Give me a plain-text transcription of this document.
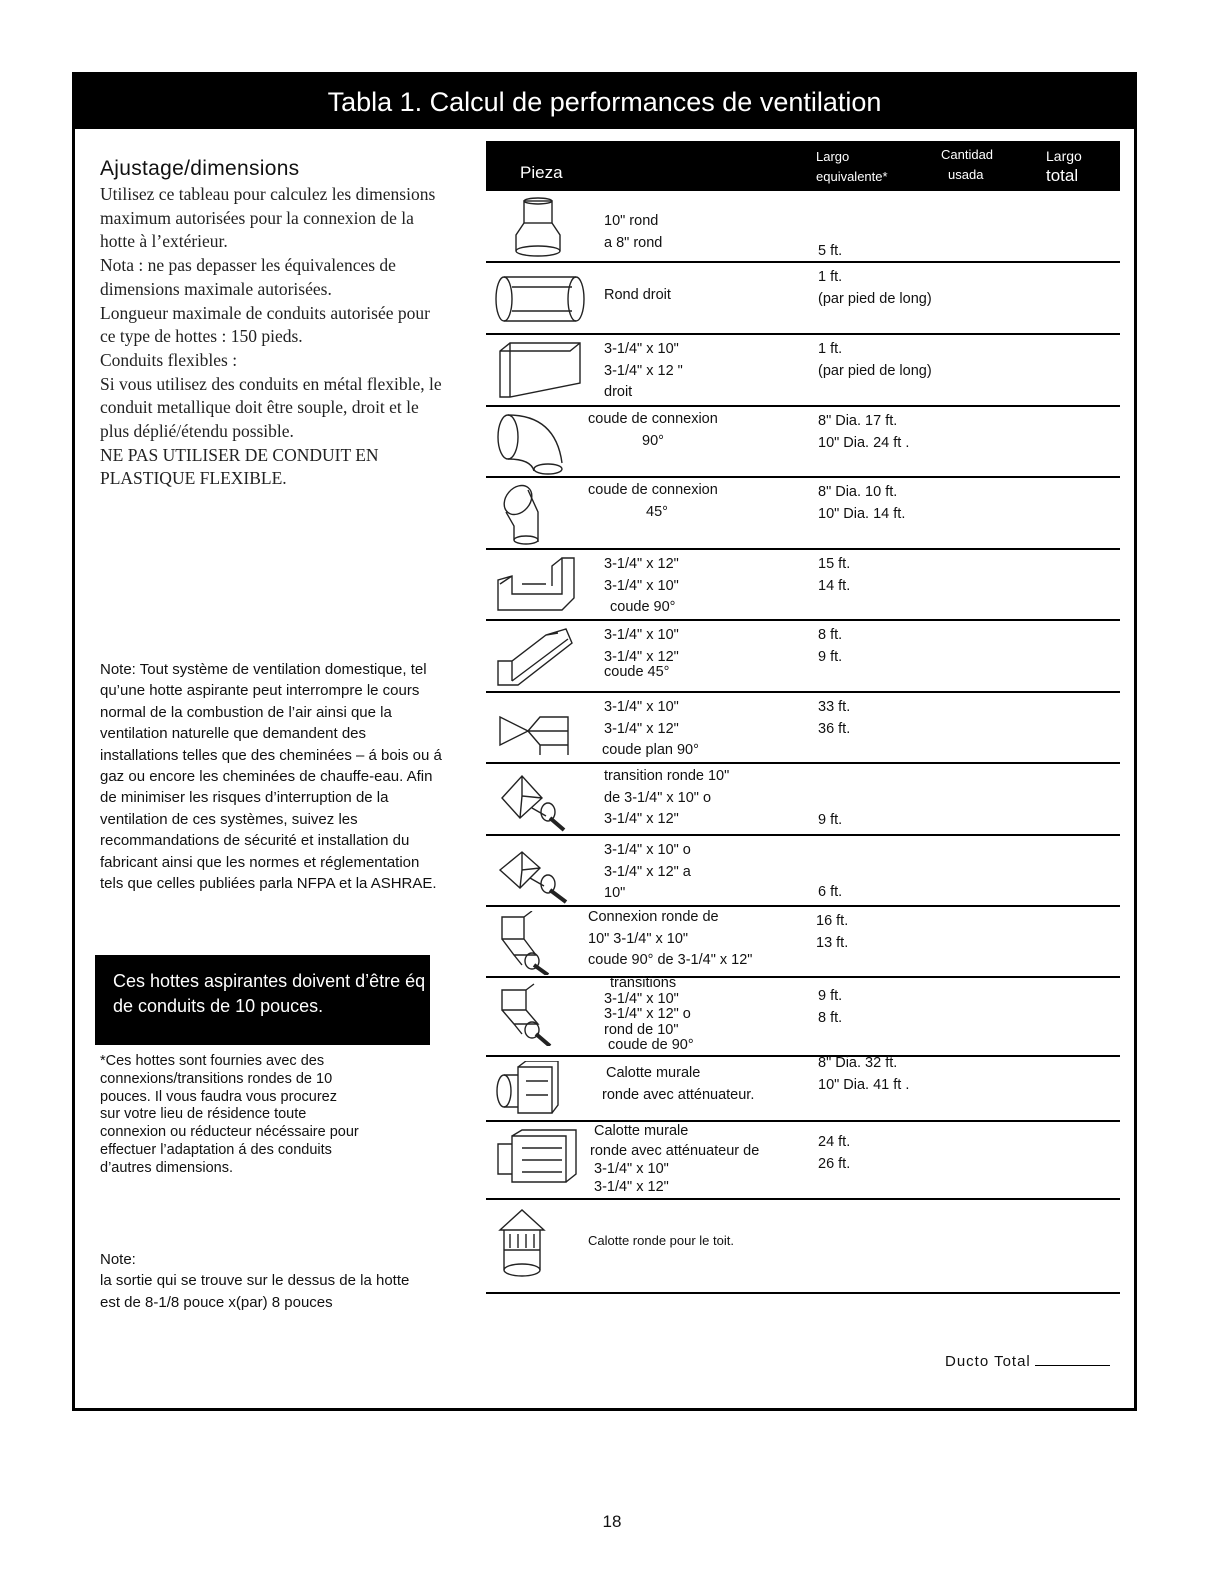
Tabla 1. Calcul de performances de ventilation
Ajustage/dimensions

Utilisez ce tableau pour calculez les dimensions maximum autorisées pour la connexion de la hotte à l’extérieur.

Nota : ne pas depasser les équivalences de dimensions maximale autorisées.

Longueur maximale de conduits autorisée pour ce type de hottes : 150 pieds.

Conduits flexibles :

Si vous utilisez des conduits en métal flexible, le conduit metallique doit être souple, droit et le plus déplié/étendu possible.

NE PAS UTILISER DE CONDUIT EN PLASTIQUE FLEXIBLE.

Note: Tout système de ventilation domestique, tel qu’une hotte aspirante peut interrompre le cours normal de la combustion de l’air ainsi que la ventilation naturelle que demandent des installations telles que des cheminées – á bois ou á gaz ou encore les cheminées de chauffe-eau. Afin de minimiser les risques d’interruption de la ventilation de ces systèmes, suivez les recommandations de sécurité et installation du fabricant ainsi que les normes et réglementation tels que celles publiées parla NFPA et la ASHRAE.
Ces hottes aspirantes doivent d’être éq
de conduits de 10 pouces.
*Ces hottes sont fournies avec des connexions/transitions rondes de 10 pouces. Il vous faudra vous procurez sur votre lieu de résidence toute connexion ou réducteur nécéssaire pour effectuer l’adaptation á des conduits d’autres dimensions.
Note:
la sortie qui se trouve sur le dessus de la hotte est de 8-1/8 pouce x(par) 8 pouces
Pieza
Largo
equivalente*
Cantidad
usada
Largo
total
10" rond
a 8" rond
5 ft.
Rond droit
1 ft.
(par pied de long)
3-1/4" x 10"
3-1/4" x 12 "
droit
1 ft.
(par pied de long)
coude de connexion
90°
8" Dia. 17 ft.
10" Dia. 24 ft .
coude de connexion
45°
8" Dia. 10 ft.
10" Dia. 14 ft.
3-1/4" x 12"
3-1/4" x 10"
coude 90°
15 ft.
14 ft.
3-1/4" x 10"
3-1/4" x 12"
coude 45°
8 ft.
9 ft.
3-1/4" x 10"
3-1/4" x 12"
coude plan 90°
33 ft.
36 ft.
transition ronde 10"
de 3-1/4" x 10" o
3-1/4" x 12"	9 ft.
3-1/4" x 10" o
3-1/4" x 12" a
10"	6 ft.
Connexion ronde de
10" 3-1/4" x 10"
coude 90° de 3-1/4" x 12"
16 ft.
13 ft.
transitions
3-1/4" x 10"
3-1/4" x 12" o
rond de 10"
coude de 90°
9 ft.
8 ft.
Calotte murale
ronde avec atténuateur.
8" Dia. 32 ft.
10" Dia. 41 ft .
Calotte murale
ronde avec atténuateur de
3-1/4" x 10"
3-1/4" x 12"
24 ft.
26 ft.
Calotte ronde pour le toit.
Ducto Total
18
